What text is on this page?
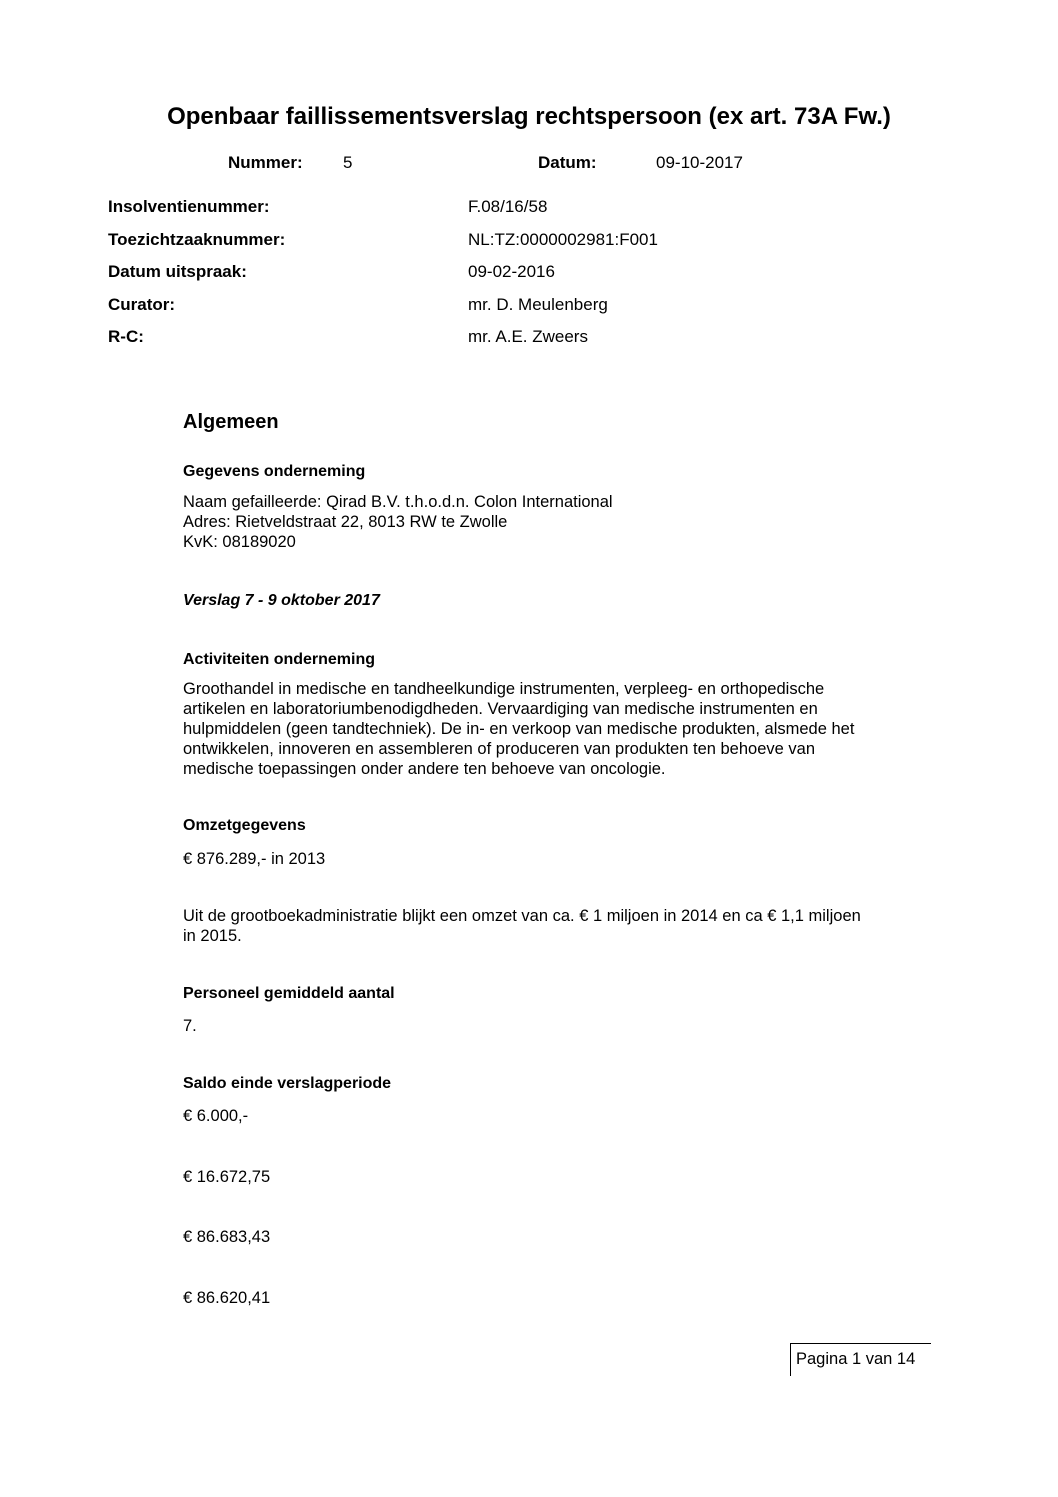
Openbaar faillissementsverslag rechtspersoon (ex art. 73A Fw.)
Nummer: 5	Datum:	09-10-2017
Insolventienummer:	F.08/16/58
Toezichtzaaknummer:	NL:TZ:0000002981:F001
Datum uitspraak:	09-02-2016
Curator:	mr. D. Meulenberg
R-C:	mr. A.E. Zweers
Algemeen
Gegevens onderneming
Naam gefailleerde: Qirad B.V. t.h.o.d.n. Colon International
Adres: Rietveldstraat 22, 8013 RW te Zwolle
KvK: 08189020
Verslag 7 - 9 oktober 2017
Activiteiten onderneming
Groothandel in medische en tandheelkundige instrumenten, verpleeg- en orthopedische
artikelen en laboratoriumbenodigdheden. Vervaardiging van medische instrumenten en
hulpmiddelen (geen tandtechniek). De in- en verkoop van medische produkten, alsmede het
ontwikkelen, innoveren en assembleren of produceren van produkten ten behoeve van
medische toepassingen onder andere ten behoeve van oncologie.
Omzetgegevens
€ 876.289,- in 2013
Uit de grootboekadministratie blijkt een omzet van ca. € 1 miljoen in 2014 en ca € 1,1 miljoen
in 2015.
Personeel gemiddeld aantal
7.
Saldo einde verslagperiode
€ 6.000,-
€ 16.672,75
€ 86.683,43
€ 86.620,41
Pagina 1 van 14
